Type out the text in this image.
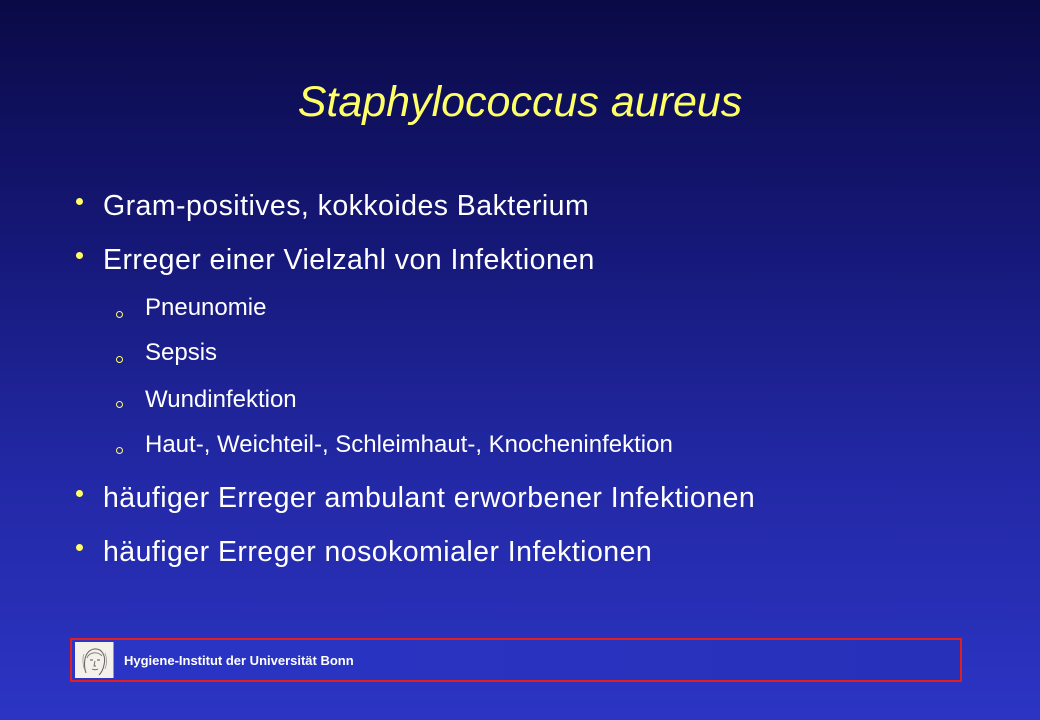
Staphylococcus aureus
Gram-positives, kokkoides Bakterium
Erreger einer Vielzahl von Infektionen
Pneunomie
Sepsis
Wundinfektion
Haut-, Weichteil-, Schleimhaut-, Knocheninfektion
häufiger Erreger ambulant erworbener Infektionen
häufiger Erreger nosokomialer Infektionen
Hygiene-Institut der Universität Bonn
